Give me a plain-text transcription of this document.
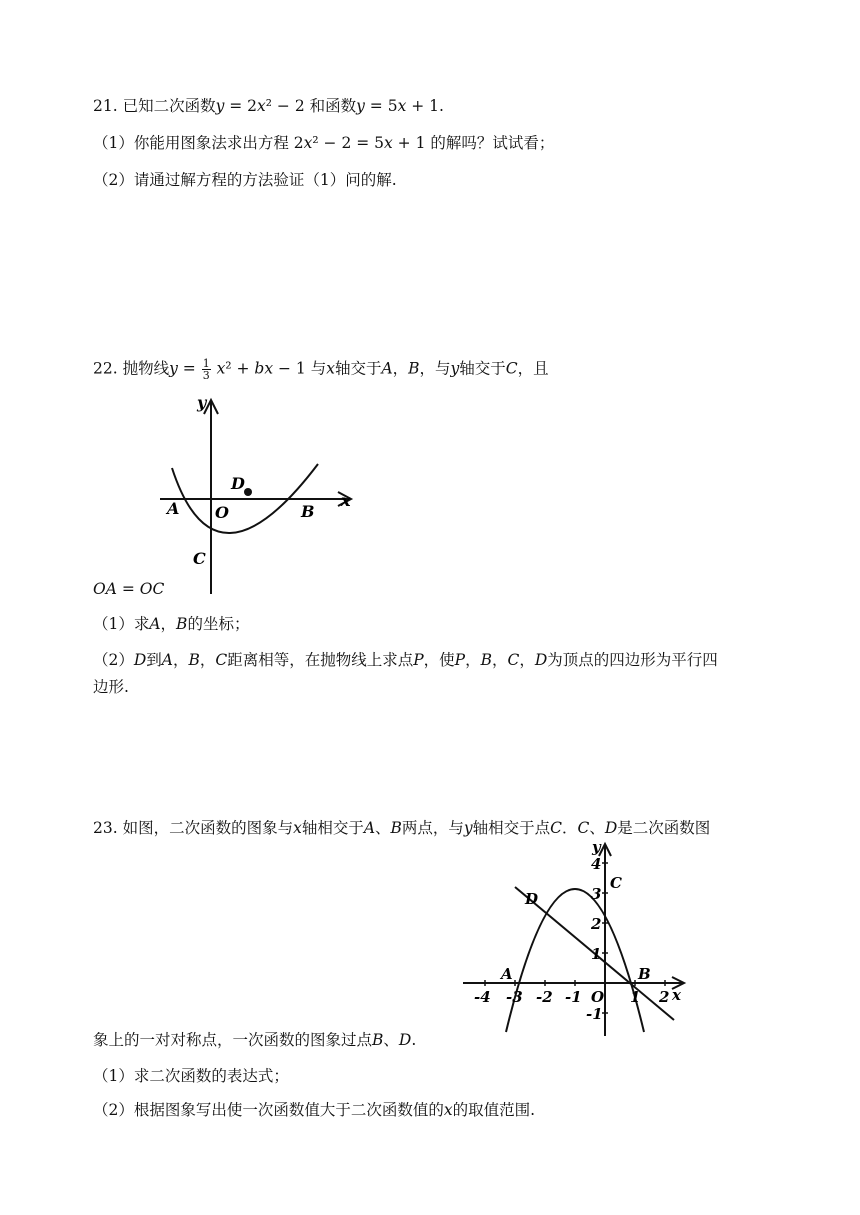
21. 已知二次函数𝑦 = 2𝑥² − 2 和函数𝑦 = 5𝑥 + 1.
（1）你能用图象法求出方程 2𝑥² − 2 = 5𝑥 + 1 的解吗？试试看；
（2）请通过解方程的方法验证（1）问的解.
22. 抛物线𝑦 = $\frac{1}{3}$ 𝑥² + 𝑏𝑥 − 1 与𝑥轴交于𝐴，𝐵，与𝑦轴交于𝐶，且
y
x
D
A O	B
C
𝑂𝐴 = 𝑂𝐶
（1）求𝐴，𝐵的坐标；
（2）𝐷到𝐴，𝐵，𝐶距离相等，在抛物线上求点𝑃，使𝑃，𝐵，𝐶，𝐷为顶点的四边形为平行四
边形.
23. 如图，二次函数的图象与𝑥轴相交于𝐴、𝐵两点，与𝑦轴相交于点𝐶．𝐶、𝐷是二次函数图
-4 -3 -2 -1	1 2
4
3
2
1
-1
y
x
O
A	B
C
D
象上的一对对称点，一次函数的图象过点𝐵、𝐷.
（1）求二次函数的表达式；
（2）根据图象写出使一次函数值大于二次函数值的𝑥的取值范围.
